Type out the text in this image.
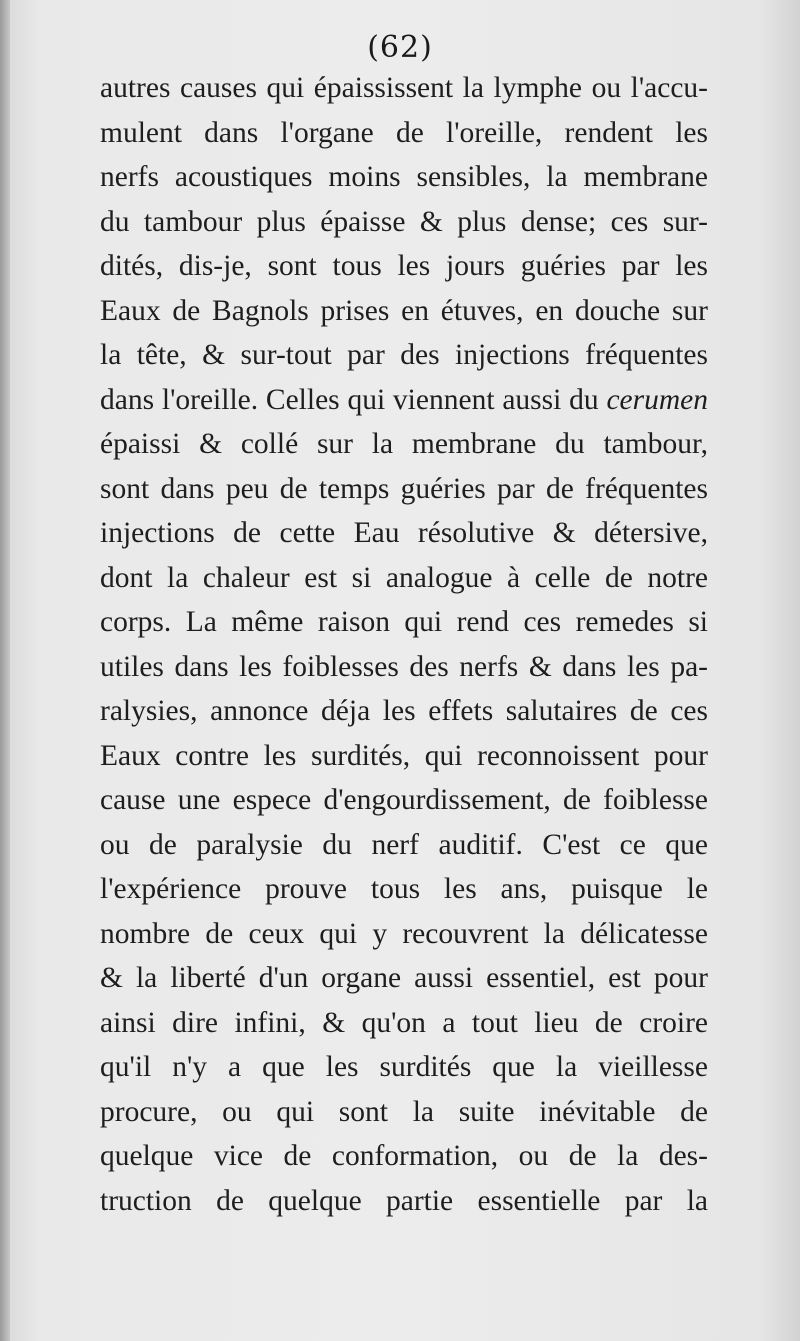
(62)
autres causes qui épaississent la lymphe ou l'accu-
mulent dans l'organe de l'oreille, rendent les
nerfs acoustiques moins sensibles, la membrane
du tambour plus épaisse & plus dense; ces sur-
dités, dis-je, sont tous les jours guéries par les
Eaux de Bagnols prises en étuves, en douche sur
la tête, & sur-tout par des injections fréquentes
dans l'oreille. Celles qui viennent aussi du cerumen
épaissi & collé sur la membrane du tambour,
sont dans peu de temps guéries par de fréquentes
injections de cette Eau résolutive & détersive,
dont la chaleur est si analogue à celle de notre
corps. La même raison qui rend ces remedes si
utiles dans les foiblesses des nerfs & dans les pa-
ralysies, annonce déja les effets salutaires de ces
Eaux contre les surdités, qui reconnoissent pour
cause une espece d'engourdissement, de foiblesse
ou de paralysie du nerf auditif. C'est ce que
l'expérience prouve tous les ans, puisque le
nombre de ceux qui y recouvrent la délicatesse
& la liberté d'un organe aussi essentiel, est pour
ainsi dire infini, & qu'on a tout lieu de croire
qu'il n'y a que les surdités que la vieillesse
procure, ou qui sont la suite inévitable de
quelque vice de conformation, ou de la des-
truction de quelque partie essentielle par la
